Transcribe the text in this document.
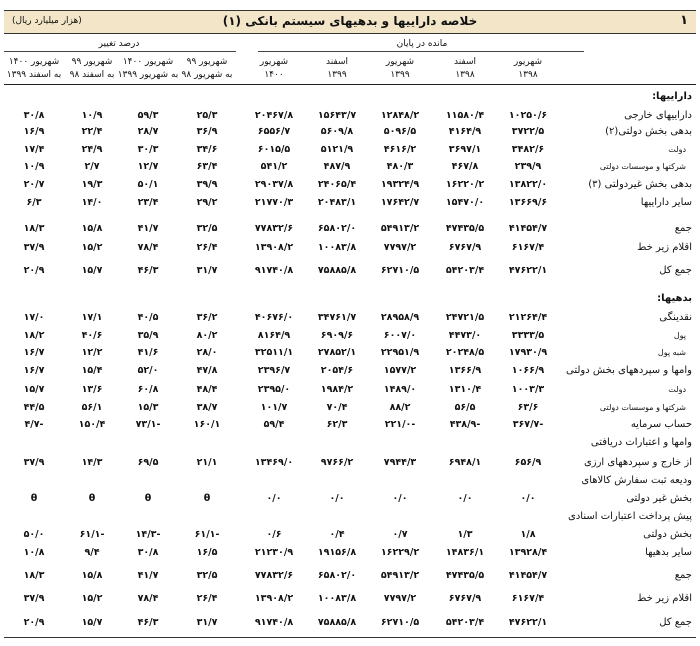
۱
خلاصه داراییها و بدهیهای سیستم بانکی (۱)
(هزار میلیارد ریال)
مانده در پایان
درصد تغییر
شهریور
۱۳۹۸
اسفند
۱۳۹۸
شهریور
۱۳۹۹
اسفند
۱۳۹۹
شهریور
۱۴۰۰
شهریور ۹۹
به شهریور ۹۸
شهریور ۱۴۰۰
به شهریور ۱۳۹۹
شهریور ۹۹
به اسفند ۹۸
شهریور ۱۴۰۰
به اسفند ۱۳۹۹
داراییها:
داراییهای خارجی
۱۰۲۵۰/۶
۱۱۵۸۰/۴
۱۲۸۴۸/۲
۱۵۶۴۳/۷
۲۰۴۶۷/۸
۲۵/۳
۵۹/۳
۱۰/۹
۳۰/۸
بدهی بخش دولتی(۲)
۳۷۲۲/۵
۴۱۶۴/۹
۵۰۹۶/۵
۵۶۰۹/۸
۶۵۵۶/۷
۳۶/۹
۲۸/۷
۲۲/۴
۱۶/۹
دولت
۳۴۸۲/۶
۳۶۹۷/۱
۴۶۱۶/۲
۵۱۲۱/۹
۶۰۱۵/۵
۳۴/۶
۳۰/۳
۲۴/۹
۱۷/۴
شرکتها و موسسات دولتی
۲۳۹/۹
۴۶۷/۸
۴۸۰/۳
۴۸۷/۹
۵۴۱/۲
۶۳/۴
۱۲/۷
۲/۷
۱۰/۹
بدهی بخش غیردولتی (۳)
۱۳۸۲۲/۰
۱۶۲۲۰/۲
۱۹۳۲۴/۹
۲۴۰۶۵/۴
۲۹۰۳۷/۸
۳۹/۹
۵۰/۱
۱۹/۳
۲۰/۷
سایر داراییها
۱۳۶۶۹/۶
۱۵۴۷۰/۰
۱۷۶۴۲/۷
۲۰۴۸۳/۱
۲۱۷۷۰/۳
۲۹/۲
۲۳/۴
۱۴/۰
۶/۳
جمع
۴۱۴۵۴/۷
۴۷۴۳۵/۵
۵۴۹۱۳/۲
۶۵۸۰۲/۰
۷۷۸۳۲/۶
۳۲/۵
۴۱/۷
۱۵/۸
۱۸/۳
اقلام زیر خط
۶۱۶۷/۴
۶۷۶۷/۹
۷۷۹۷/۲
۱۰۰۸۳/۸
۱۳۹۰۸/۲
۲۶/۴
۷۸/۴
۱۵/۲
۳۷/۹
جمع کل
۴۷۶۲۲/۱
۵۴۲۰۳/۴
۶۲۷۱۰/۵
۷۵۸۸۵/۸
۹۱۷۴۰/۸
۳۱/۷
۴۶/۳
۱۵/۷
۲۰/۹
بدهیها:
نقدینگی
۲۱۲۶۴/۴
۲۴۷۲۱/۵
۲۸۹۵۸/۹
۳۴۷۶۱/۷
۴۰۶۷۶/۰
۳۶/۲
۴۰/۵
۱۷/۱
۱۷/۰
پول
۳۳۳۳/۵
۴۴۷۳/۰
۶۰۰۷/۰
۶۹۰۹/۶
۸۱۶۴/۹
۸۰/۲
۳۵/۹
۴۰/۶
۱۸/۲
شبه پول
۱۷۹۳۰/۹
۲۰۲۴۸/۵
۲۲۹۵۱/۹
۲۷۸۵۲/۱
۳۲۵۱۱/۱
۲۸/۰
۴۱/۶
۱۲/۲
۱۶/۷
وامها و سپردههای بخش دولتی
۱۰۶۶/۹
۱۳۶۶/۹
۱۵۷۷/۲
۲۰۵۴/۶
۲۳۹۶/۷
۴۷/۸
۵۲/۰
۱۵/۴
۱۶/۷
دولت
۱۰۰۳/۳
۱۳۱۰/۴
۱۴۸۹/۰
۱۹۸۴/۲
۲۳۹۵/۰
۴۸/۴
۶۰/۸
۱۳/۶
۱۵/۷
شرکتها و موسسات دولتی
۶۳/۶
۵۶/۵
۸۸/۲
۷۰/۴
۱۰۱/۷
۳۸/۷
۱۵/۳
۵۶/۱
۴۴/۵
حساب سرمایه
۳۶۷/۷-
۴۳۸/۹-
۲۲۱/۰-
۶۲/۳
۵۹/۴
۱۶۰/۱
۷۳/۱-
۱۵۰/۴
۴/۷-
وامها و اعتبارات دریافتی
از خارج و سپردههای ارزی
۶۵۶/۹
۶۹۴۸/۱
۷۹۴۴/۳
۹۷۶۶/۲
۱۳۴۶۹/۰
۲۱/۱
۶۹/۵
۱۴/۳
۳۷/۹
ودیعه ثبت سفارش کالاهای
بخش غیر دولتی
۰/۰
۰/۰
۰/۰
۰/۰
۰/۰
θ
θ
θ
θ
پیش پرداخت اعتبارات اسنادی
بخش دولتی
۱/۸
۱/۳
۰/۷
۰/۴
۰/۶
۶۱/۱-
۱۴/۳-
۶۱/۱-
۵۰/۰
سایر بدهیها
۱۳۹۲۸/۴
۱۴۸۳۶/۱
۱۶۲۲۹/۲
۱۹۱۵۶/۸
۲۱۲۳۰/۹
۱۶/۵
۳۰/۸
۹/۴
۱۰/۸
جمع
۴۱۴۵۴/۷
۴۷۴۳۵/۵
۵۴۹۱۳/۲
۶۵۸۰۲/۰
۷۷۸۳۲/۶
۳۲/۵
۴۱/۷
۱۵/۸
۱۸/۳
اقلام زیر خط
۶۱۶۷/۴
۶۷۶۷/۹
۷۷۹۷/۲
۱۰۰۸۳/۸
۱۳۹۰۸/۲
۲۶/۴
۷۸/۴
۱۵/۲
۳۷/۹
جمع کل
۴۷۶۲۲/۱
۵۴۲۰۳/۴
۶۲۷۱۰/۵
۷۵۸۸۵/۸
۹۱۷۴۰/۸
۳۱/۷
۴۶/۳
۱۵/۷
۲۰/۹
